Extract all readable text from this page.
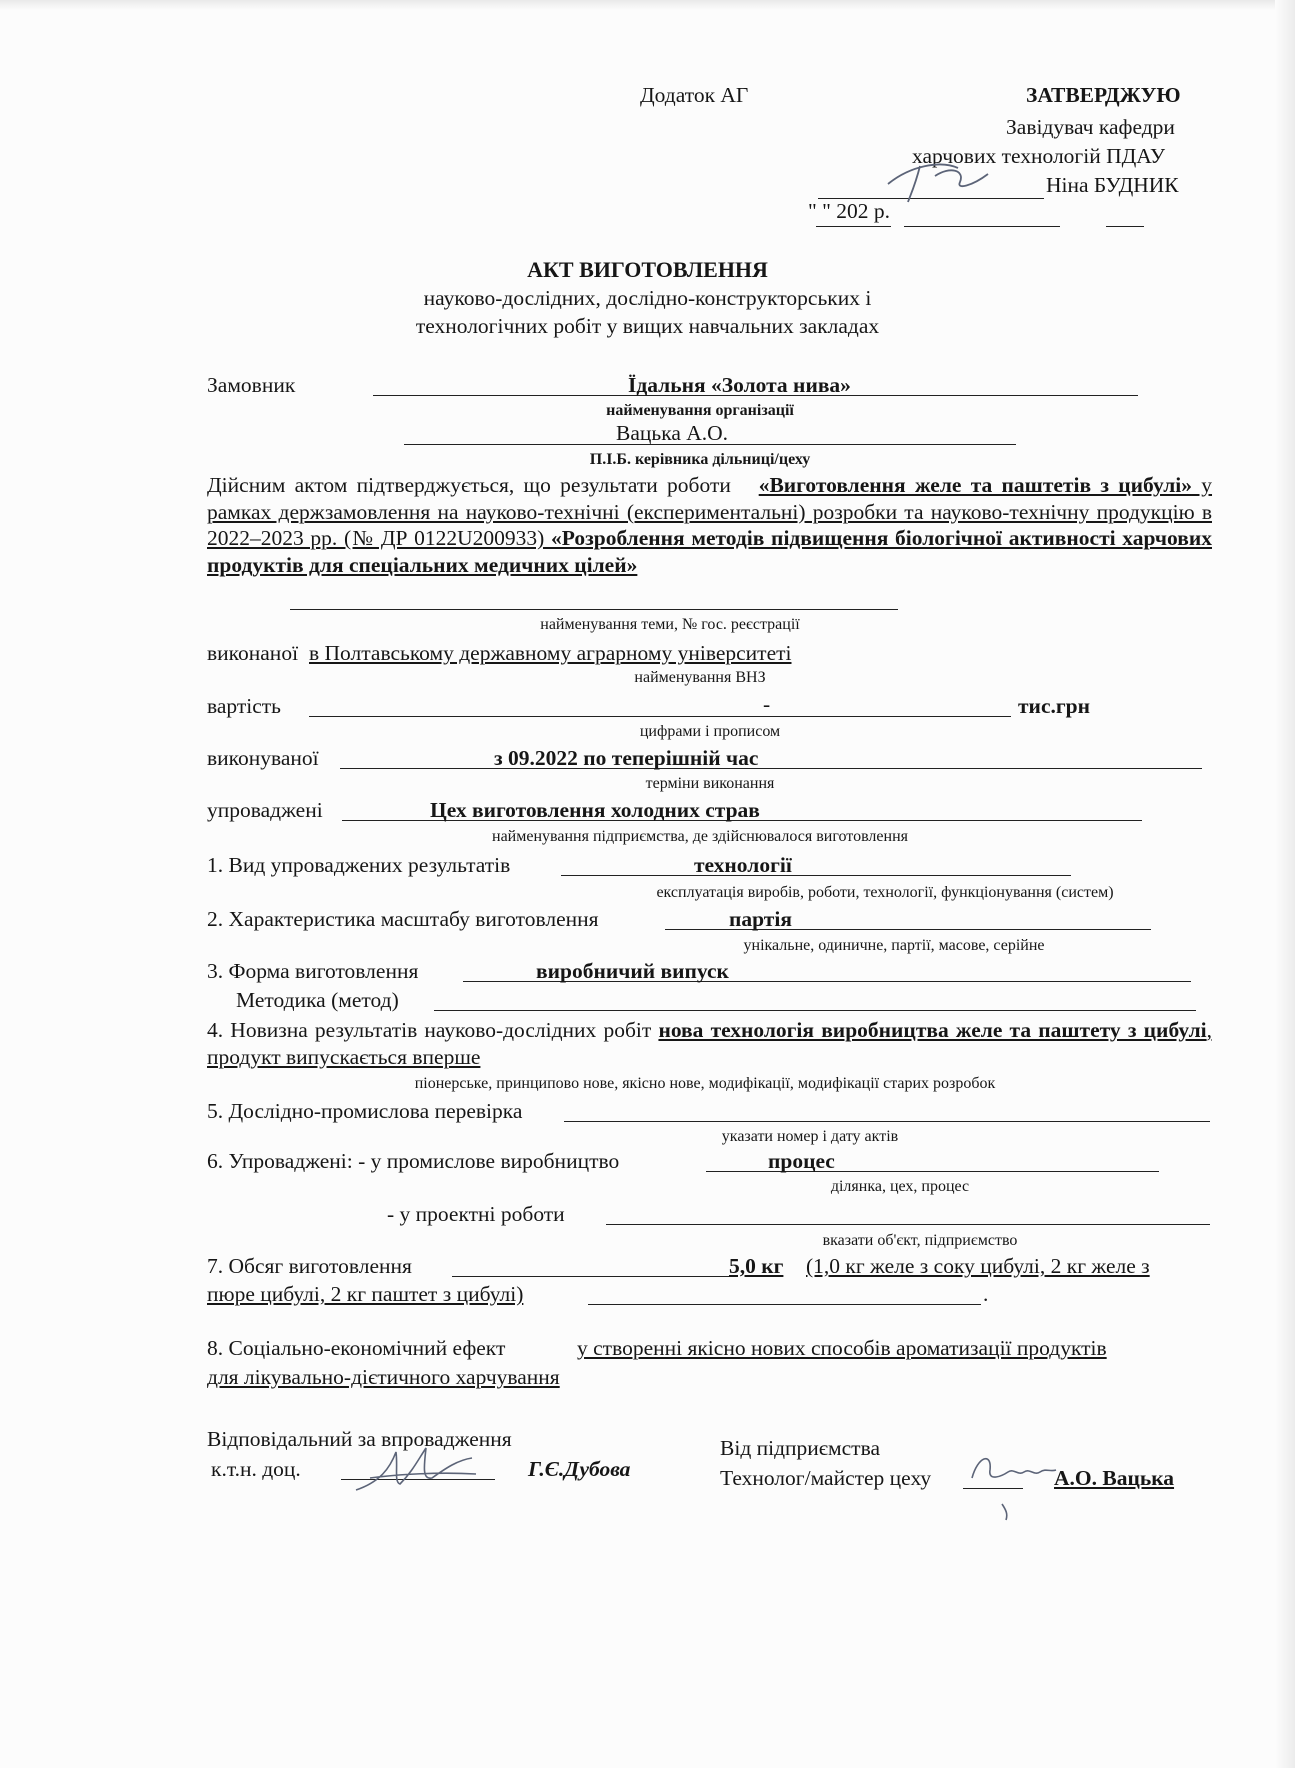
Додаток АГ	ЗАТВЕРДЖУЮ
Завідувач кафедри
харчових технологій ПДАУ
Ніна БУДНИК
" " 202 р.
АКТ ВИГОТОВЛЕННЯ
науково-дослідних, дослідно-конструкторських і
технологічних робіт у вищих навчальних закладах
Замовник	Їдальня «Золота нива»
найменування організації
Вацька А.О.
П.І.Б. керівника дільниці/цеху
Дійсним актом підтверджується, що результати роботи «Виготовлення желе та паштетів з цибулі» у рамках держзамовлення на науково-технічні (експериментальні) розробки та науково-технічну продукцію в 2022–2023 рр. (№ ДР 0122U200933) «Розроблення методів підвищення біологічної активності харчових продуктів для спеціальних медичних цілей»
найменування теми, № гос. реєстрації
виконаної в Полтавському державному аграрному університеті
найменування ВНЗ
вартість	-	тис.грн
цифрами і прописом
виконуваної	з 09.2022 по теперішній час
терміни виконання
упроваджені	Цех виготовлення холодних страв
найменування підприємства, де здійснювалося виготовлення
1. Вид упроваджених результатів	технології
експлуатація виробів, роботи, технології, функціонування (систем)
2. Характеристика масштабу виготовлення	партія
унікальне, одиничне, партії, масове, серійне
3. Форма виготовлення	виробничий випуск
Методика (метод)
4. Новизна результатів науково-дослідних робіт нова технологія виробництва желе та паштету з цибулі, продукт випускається вперше
піонерське, принципово нове, якісно нове, модифікації, модифікації старих розробок
5. Дослідно-промислова перевірка
указати номер і дату актів
6. Упроваджені: - у промислове виробництво	процес
ділянка, цех, процес
- у проектні роботи
вказати об'єкт, підприємство
7. Обсяг виготовлення	5,0 кг (1,0 кг желе з соку цибулі, 2 кг желе з
пюре цибулі, 2 кг паштет з цибулі)	.
8. Соціально-економічний ефект	у створенні якісно нових способів ароматизації продуктів
для лікувально-дієтичного харчування
Відповідальний за впровадження
к.т.н. доц.	Г.Є.Дубова
Від підприємства
Технолог/майстер цеху	А.О. Вацька
